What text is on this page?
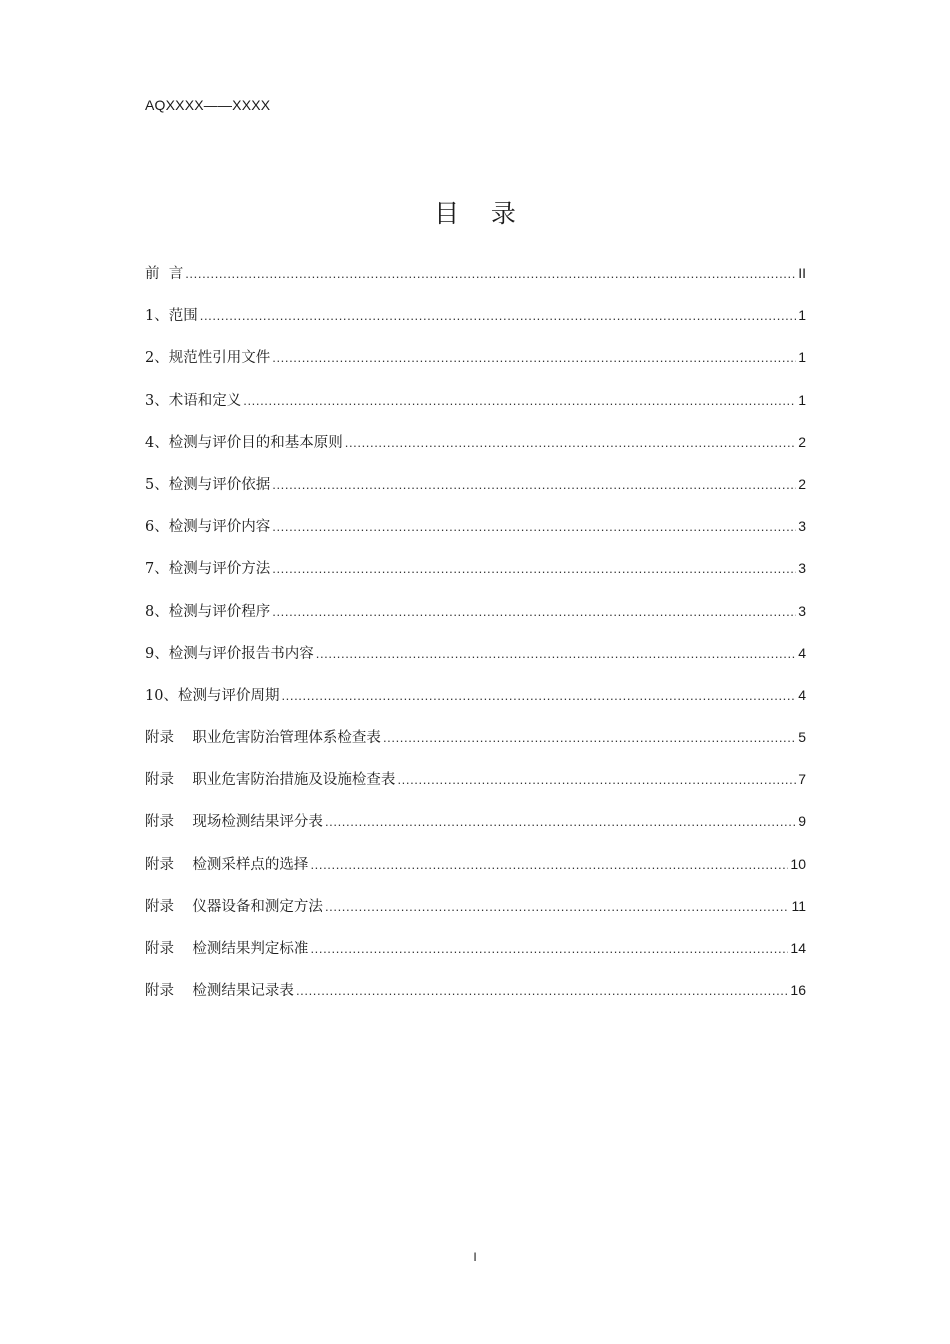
AQXXXX——XXXX
目    录
前  言 .....	II
1、范围 .....	1
2、规范性引用文件 .....	1
3、术语和定义 .....	1
4、检测与评价目的和基本原则 .....	2
5、检测与评价依据 .....	2
6、检测与评价内容 .....	3
7、检测与评价方法 .....	3
8、检测与评价程序 .....	3
9、检测与评价报告书内容 .....	4
10、检测与评价周期 .....	4
附录    职业危害防治管理体系检查表 .....	5
附录    职业危害防治措施及设施检查表 .....	7
附录    现场检测结果评分表 .....	9
附录    检测采样点的选择 .....	10
附录    仪器设备和测定方法 .....	11
附录    检测结果判定标准 .....	14
附录    检测结果记录表 .....	16
I
